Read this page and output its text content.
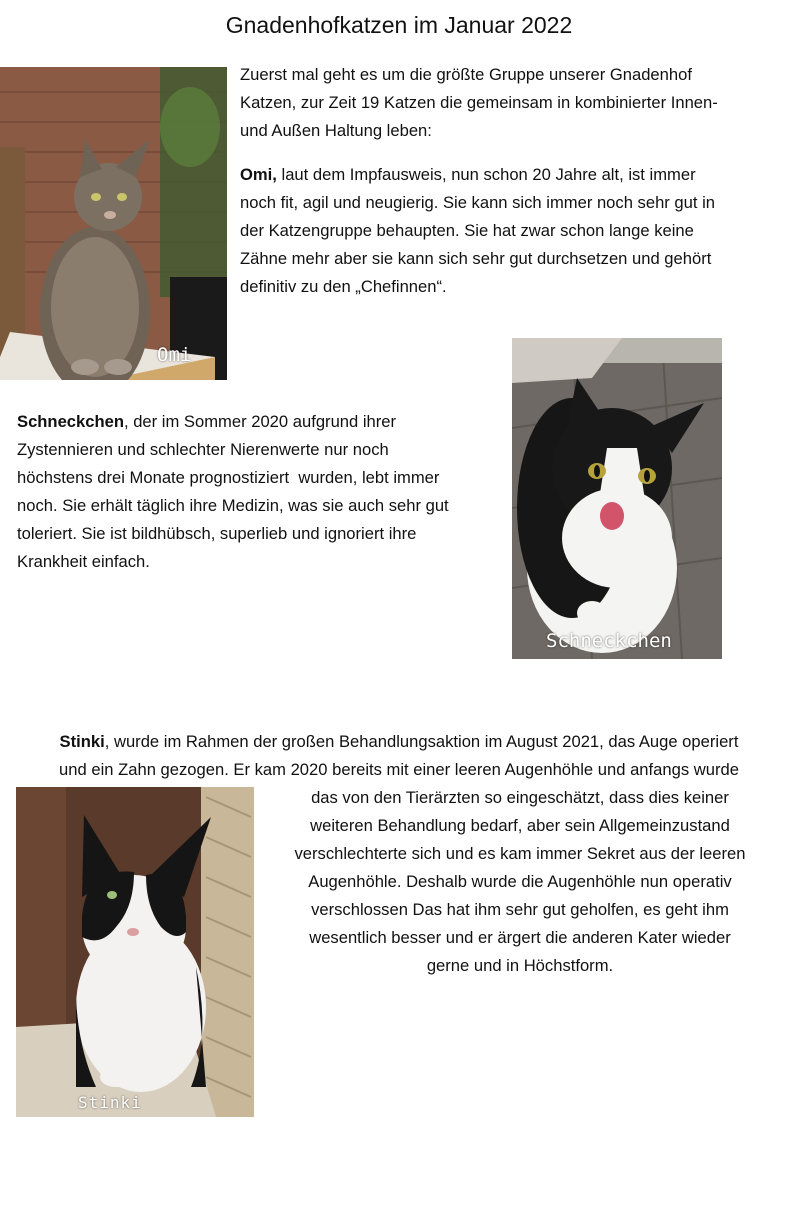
Gnadenhofkatzen im Januar 2022
Omi
Schneckchen
Stinki
Zuerst mal geht es um die größte Gruppe unserer Gnadenhof
Katzen, zur Zeit 19 Katzen die gemeinsam in kombinierter Innen-
und Außen Haltung leben:
Omi, laut dem Impfausweis, nun schon 20 Jahre alt, ist immer
noch fit, agil und neugierig. Sie kann sich immer noch sehr gut in
der Katzengruppe behaupten. Sie hat zwar schon lange keine
Zähne mehr aber sie kann sich sehr gut durchsetzen und gehört
definitiv zu den „Chefinnen“.
Schneckchen, der im Sommer 2020 aufgrund ihrer
Zystennieren und schlechter Nierenwerte nur noch
höchstens drei Monate prognostiziert  wurden, lebt immer
noch. Sie erhält täglich ihre Medizin, was sie auch sehr gut
toleriert. Sie ist bildhübsch, superlieb und ignoriert ihre
Krankheit einfach.
Stinki, wurde im Rahmen der großen Behandlungsaktion im August 2021, das Auge operiert
und ein Zahn gezogen. Er kam 2020 bereits mit einer leeren Augenhöhle und anfangs wurde
das von den Tierärzten so eingeschätzt, dass dies keiner
weiteren Behandlung bedarf, aber sein Allgemeinzustand
verschlechterte sich und es kam immer Sekret aus der leeren
Augenhöhle. Deshalb wurde die Augenhöhle nun operativ
verschlossen Das hat ihm sehr gut geholfen, es geht ihm
wesentlich besser und er ärgert die anderen Kater wieder
gerne und in Höchstform.
